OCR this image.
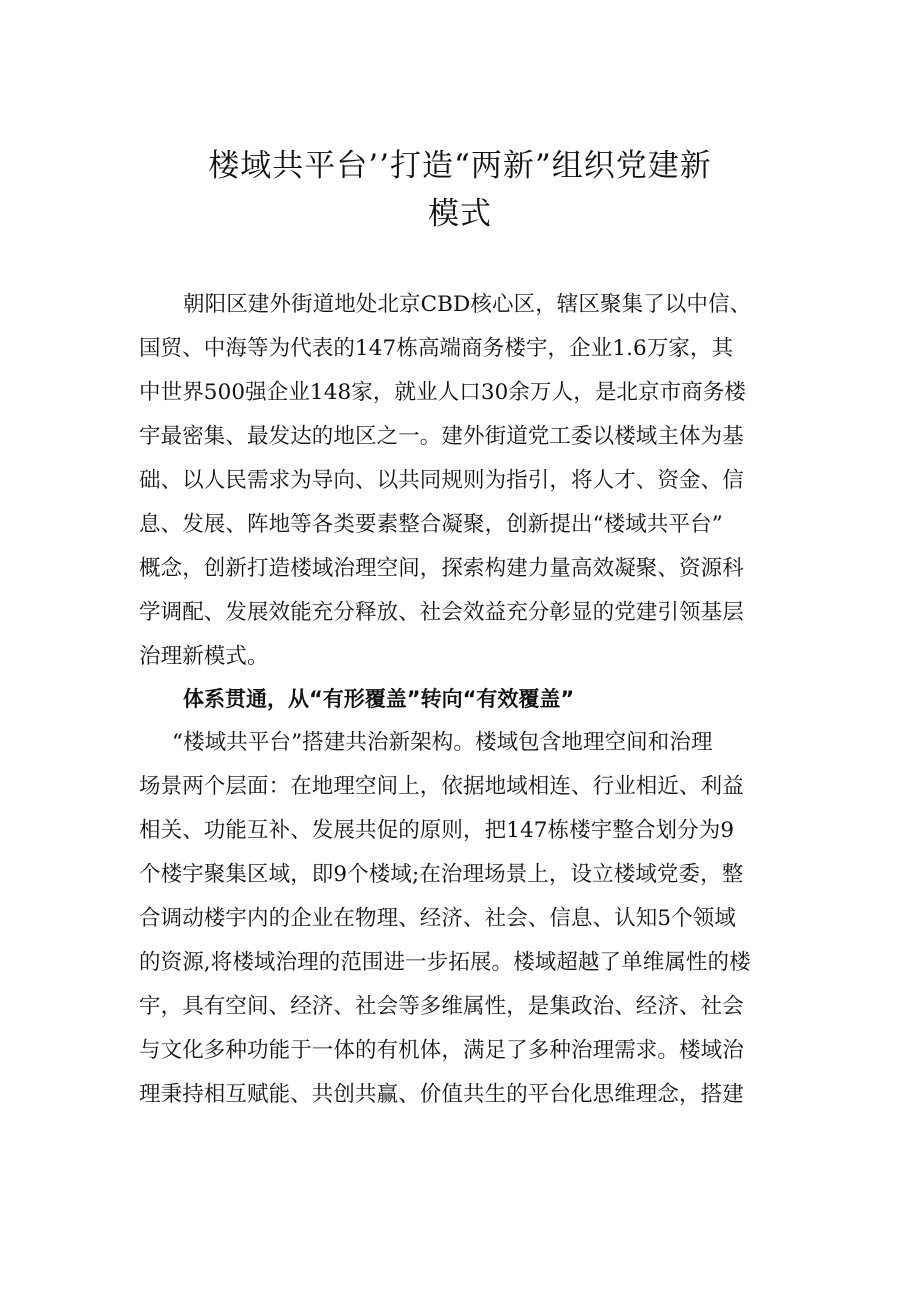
楼域共平台’’打造“两新”组织党建新
模式
朝阳区建外街道地处北京CBD核心区，辖区聚集了以中信、
国贸、中海等为代表的147栋高端商务楼宇，企业1.6万家，其
中世界500强企业148家，就业人口30余万人，是北京市商务楼
宇最密集、最发达的地区之一。建外街道党工委以楼域主体为基
础、以人民需求为导向、以共同规则为指引，将人才、资金、信
息、发展、阵地等各类要素整合凝聚，创新提出“楼域共平台”
概念，创新打造楼域治理空间，探索构建力量高效凝聚、资源科
学调配、发展效能充分释放、社会效益充分彰显的党建引领基层
治理新模式。
体系贯通，从“有形覆盖”转向“有效覆盖”
“楼域共平台”搭建共治新架构。楼域包含地理空间和治理
场景两个层面：在地理空间上，依据地域相连、行业相近、利益
相关、功能互补、发展共促的原则，把147栋楼宇整合划分为9
个楼宇聚集区域，即9个楼域;在治理场景上，设立楼域党委，整
合调动楼宇内的企业在物理、经济、社会、信息、认知5个领域
的资源,将楼域治理的范围进一步拓展。楼域超越了单维属性的楼
宇，具有空间、经济、社会等多维属性，是集政治、经济、社会
与文化多种功能于一体的有机体，满足了多种治理需求。楼域治
理秉持相互赋能、共创共赢、价值共生的平台化思维理念，搭建
